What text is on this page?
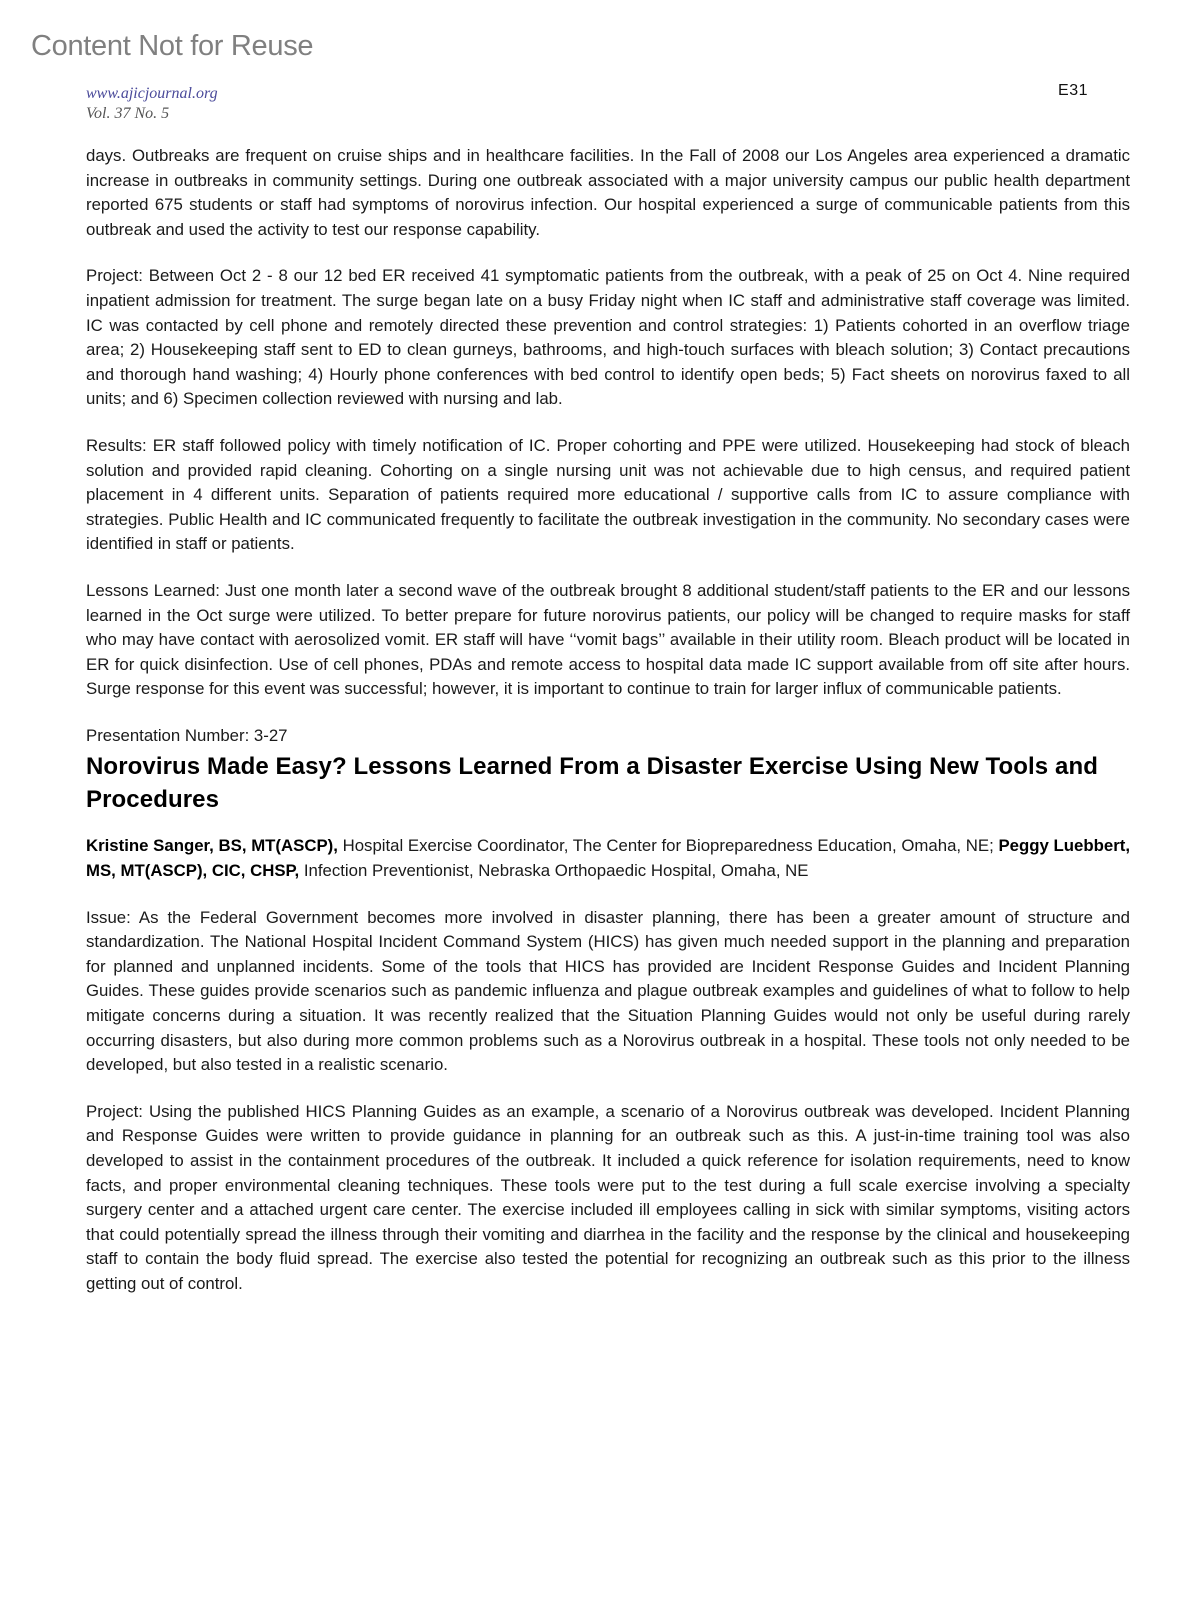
Content Not for Reuse
www.ajicjournal.org
Vol. 37 No. 5
E31

days. Outbreaks are frequent on cruise ships and in healthcare facilities. In the Fall of 2008 our Los Angeles area experienced a dramatic increase in outbreaks in community settings. During one outbreak associated with a major university campus our public health department reported 675 students or staff had symptoms of norovirus infection. Our hospital experienced a surge of communicable patients from this outbreak and used the activity to test our response capability.

Project: Between Oct 2 - 8 our 12 bed ER received 41 symptomatic patients from the outbreak, with a peak of 25 on Oct 4. Nine required inpatient admission for treatment. The surge began late on a busy Friday night when IC staff and administrative staff coverage was limited. IC was contacted by cell phone and remotely directed these prevention and control strategies: 1) Patients cohorted in an overflow triage area; 2) Housekeeping staff sent to ED to clean gurneys, bathrooms, and high-touch surfaces with bleach solution; 3) Contact precautions and thorough hand washing; 4) Hourly phone conferences with bed control to identify open beds; 5) Fact sheets on norovirus faxed to all units; and 6) Specimen collection reviewed with nursing and lab.

Results: ER staff followed policy with timely notification of IC. Proper cohorting and PPE were utilized. Housekeeping had stock of bleach solution and provided rapid cleaning. Cohorting on a single nursing unit was not achievable due to high census, and required patient placement in 4 different units. Separation of patients required more educational / supportive calls from IC to assure compliance with strategies. Public Health and IC communicated frequently to facilitate the outbreak investigation in the community. No secondary cases were identified in staff or patients.

Lessons Learned: Just one month later a second wave of the outbreak brought 8 additional student/staff patients to the ER and our lessons learned in the Oct surge were utilized. To better prepare for future norovirus patients, our policy will be changed to require masks for staff who may have contact with aerosolized vomit. ER staff will have ‘‘vomit bags’’ available in their utility room. Bleach product will be located in ER for quick disinfection. Use of cell phones, PDAs and remote access to hospital data made IC support available from off site after hours. Surge response for this event was successful; however, it is important to continue to train for larger influx of communicable patients.

Presentation Number: 3-27

Norovirus Made Easy? Lessons Learned From a Disaster Exercise Using New Tools and Procedures

Kristine Sanger, BS, MT(ASCP), Hospital Exercise Coordinator, The Center for Biopreparedness Education, Omaha, NE; Peggy Luebbert, MS, MT(ASCP), CIC, CHSP, Infection Preventionist, Nebraska Orthopaedic Hospital, Omaha, NE

Issue: As the Federal Government becomes more involved in disaster planning, there has been a greater amount of structure and standardization. The National Hospital Incident Command System (HICS) has given much needed support in the planning and preparation for planned and unplanned incidents. Some of the tools that HICS has provided are Incident Response Guides and Incident Planning Guides. These guides provide scenarios such as pandemic influenza and plague outbreak examples and guidelines of what to follow to help mitigate concerns during a situation. It was recently realized that the Situation Planning Guides would not only be useful during rarely occurring disasters, but also during more common problems such as a Norovirus outbreak in a hospital. These tools not only needed to be developed, but also tested in a realistic scenario.

Project: Using the published HICS Planning Guides as an example, a scenario of a Norovirus outbreak was developed. Incident Planning and Response Guides were written to provide guidance in planning for an outbreak such as this. A just-in-time training tool was also developed to assist in the containment procedures of the outbreak. It included a quick reference for isolation requirements, need to know facts, and proper environmental cleaning techniques. These tools were put to the test during a full scale exercise involving a specialty surgery center and a attached urgent care center. The exercise included ill employees calling in sick with similar symptoms, visiting actors that could potentially spread the illness through their vomiting and diarrhea in the facility and the response by the clinical and housekeeping staff to contain the body fluid spread. The exercise also tested the potential for recognizing an outbreak such as this prior to the illness getting out of control.
